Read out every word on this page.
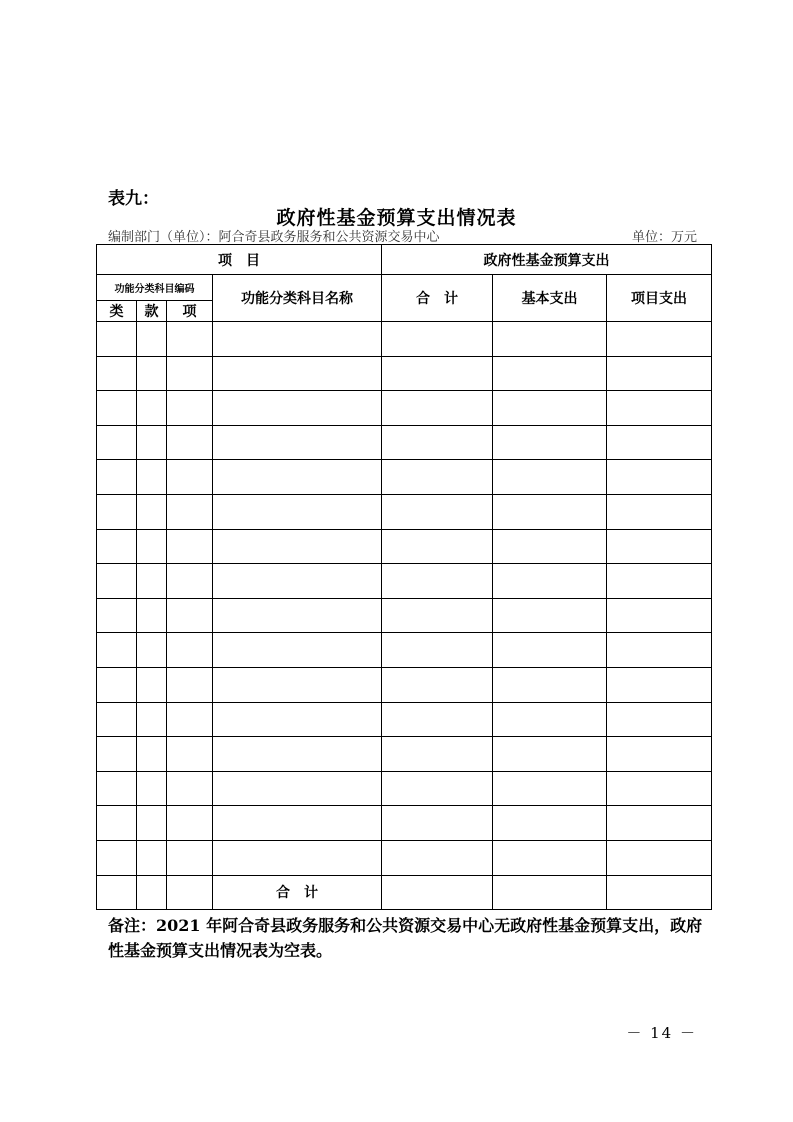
表九：
政府性基金预算支出情况表
编制部门（单位）：阿合奇县政务服务和公共资源交易中心	单位：万元
项　目				政府性基金预算支出		
功能分类科目编码			功能分类科目名称	合　计	基本支出	项目支出
类	款	项				

			合　计			
备注：2021 年阿合奇县政务服务和公共资源交易中心无政府性基金预算支出，政府性基金预算支出情况表为空表。
－ 14 －
